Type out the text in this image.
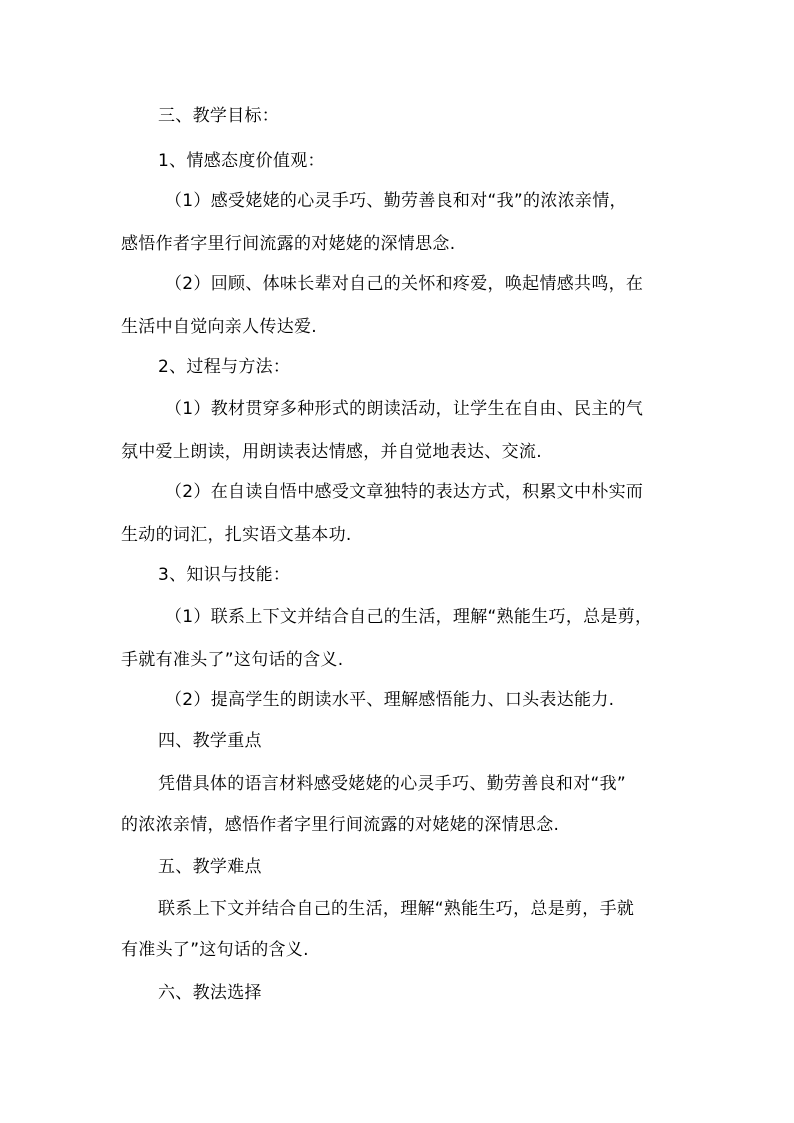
三、教学目标：
1、情感态度价值观：
（1）感受姥姥的心灵手巧、勤劳善良和对“我”的浓浓亲情，
感悟作者字里行间流露的对姥姥的深情思念.
（2）回顾、体味长辈对自己的关怀和疼爱，唤起情感共鸣，在
生活中自觉向亲人传达爱.
2、过程与方法：
（1）教材贯穿多种形式的朗读活动，让学生在自由、民主的气
氛中爱上朗读，用朗读表达情感，并自觉地表达、交流.
（2）在自读自悟中感受文章独特的表达方式，积累文中朴实而
生动的词汇，扎实语文基本功.
3、知识与技能：
（1）联系上下文并结合自己的生活，理解“熟能生巧，总是剪，
手就有准头了”这句话的含义.
（2）提高学生的朗读水平、理解感悟能力、口头表达能力.
四、教学重点
凭借具体的语言材料感受姥姥的心灵手巧、勤劳善良和对“我”
的浓浓亲情，感悟作者字里行间流露的对姥姥的深情思念.
五、教学难点
联系上下文并结合自己的生活，理解“熟能生巧，总是剪，手就
有准头了”这句话的含义.
六、教法选择
